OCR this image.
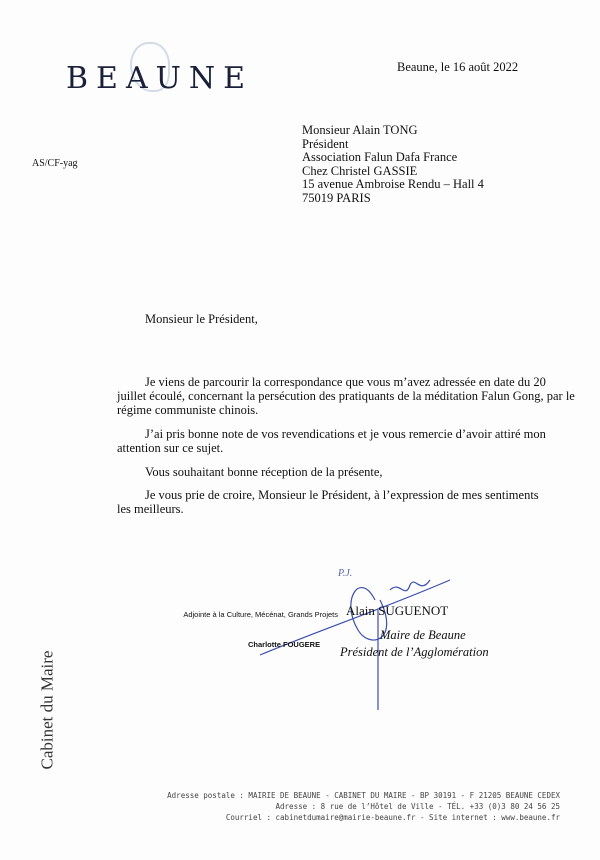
BEAUNE	Beaune, le 16 août 2022
AS/CF-yag
Monsieur Alain TONG
Président
Association Falun Dafa France
Chez Christel GASSIE
15 avenue Ambroise Rendu – Hall 4
75019 PARIS
Monsieur le Président,
Je viens de parcourir la correspondance que vous m’avez adressée en date du 20
juillet écoulé, concernant la persécution des pratiquants de la méditation Falun Gong, par le
régime communiste chinois.
J’ai pris bonne note de vos revendications et je vous remercie d’avoir attiré mon
attention sur ce sujet.
Vous souhaitant bonne réception de la présente,
Je vous prie de croire, Monsieur le Président, à l’expression de mes sentiments
les meilleurs.
P.J.
Adjointe à la Culture, Mécénat, Grands Projets
Charlotte FOUGERE
Alain SUGUENOT
Maire de Beaune
Président de l’Agglomération
Cabinet du Maire
Adresse postale : MAIRIE DE BEAUNE - CABINET DU MAIRE - BP 30191 - F 21205 BEAUNE CEDEX
Adresse : 8 rue de l’Hôtel de Ville - TÉL. +33 (0)3 80 24 56 25
Courriel : cabinetdumaire@mairie-beaune.fr - Site internet : www.beaune.fr
